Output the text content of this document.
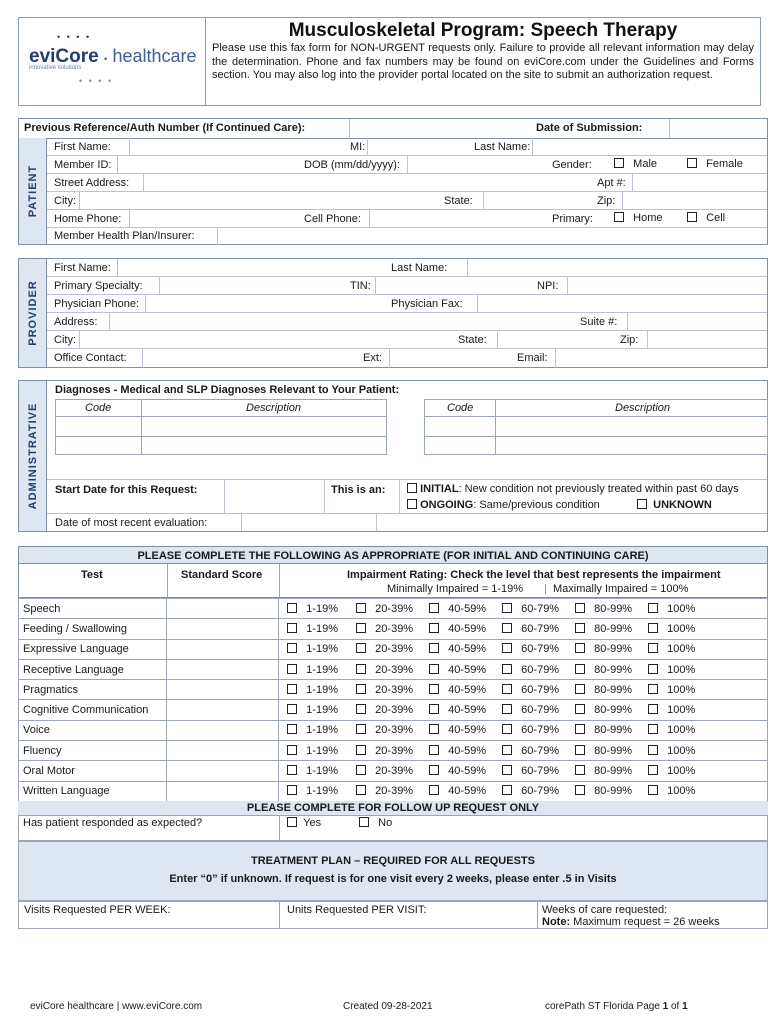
• • • •
eviCore • healthcare
innovative solutions
• • • •
Musculoskeletal Program: Speech Therapy
Please use this fax form for NON-URGENT requests only. Failure to provide all relevant information may delay the determination. Phone and fax numbers may be found on eviCore.com under the Guidelines and Forms section. You may also log into the provider portal located on the site to submit an authorization request.
Previous Reference/Auth Number (If Continued Care):	Date of Submission:
PATIENT
First Name:	MI:	Last Name:
Member ID:	DOB (mm/dd/yyyy):	Gender:	Male	Female
Street Address:	Apt #:
City:	State:	Zip:
Home Phone:	Cell Phone:	Primary:	Home	Cell
Member Health Plan/Insurer:
PROVIDER
First Name:	Last Name:
Primary Specialty:	TIN:	NPI:
Physician Phone:	Physician Fax:
Address:	Suite #:
City:	State:	Zip:
Office Contact:	Ext:	Email:
ADMINISTRATIVE
Diagnoses - Medical and SLP Diagnoses Relevant to Your Patient:
Code	Description	Code	Description
Start Date for this Request:	This is an:	INITIAL: New condition not previously treated within past 60 days
ONGOING: Same/previous condition	UNKNOWN
Date of most recent evaluation:
PLEASE COMPLETE THE FOLLOWING AS APPROPRIATE (FOR INITIAL AND CONTINUING CARE)
Test	Standard Score	Impairment Rating: Check the level that best represents the impairment
Minimally Impaired = 1-19% | Maximally Impaired = 100%
Speech		1-19% 20-39% 40-59% 60-79% 80-99% 100%
Feeding / Swallowing		1-19% 20-39% 40-59% 60-79% 80-99% 100%
Expressive Language		1-19% 20-39% 40-59% 60-79% 80-99% 100%
Receptive Language		1-19% 20-39% 40-59% 60-79% 80-99% 100%
Pragmatics		1-19% 20-39% 40-59% 60-79% 80-99% 100%
Cognitive Communication		1-19% 20-39% 40-59% 60-79% 80-99% 100%
Voice		1-19% 20-39% 40-59% 60-79% 80-99% 100%
Fluency		1-19% 20-39% 40-59% 60-79% 80-99% 100%
Oral Motor		1-19% 20-39% 40-59% 60-79% 80-99% 100%
Written Language		1-19% 20-39% 40-59% 60-79% 80-99% 100%
PLEASE COMPLETE FOR FOLLOW UP REQUEST ONLY
Has patient responded as expected?	Yes	No
TREATMENT PLAN – REQUIRED FOR ALL REQUESTS
Enter “0” if unknown. If request is for one visit every 2 weeks, please enter .5 in Visits
Visits Requested PER WEEK:	Units Requested PER VISIT:	Weeks of care requested:
Note: Maximum request = 26 weeks
eviCore healthcare | www.eviCore.com	Created 09-28-2021	corePath ST Florida Page 1 of 1
